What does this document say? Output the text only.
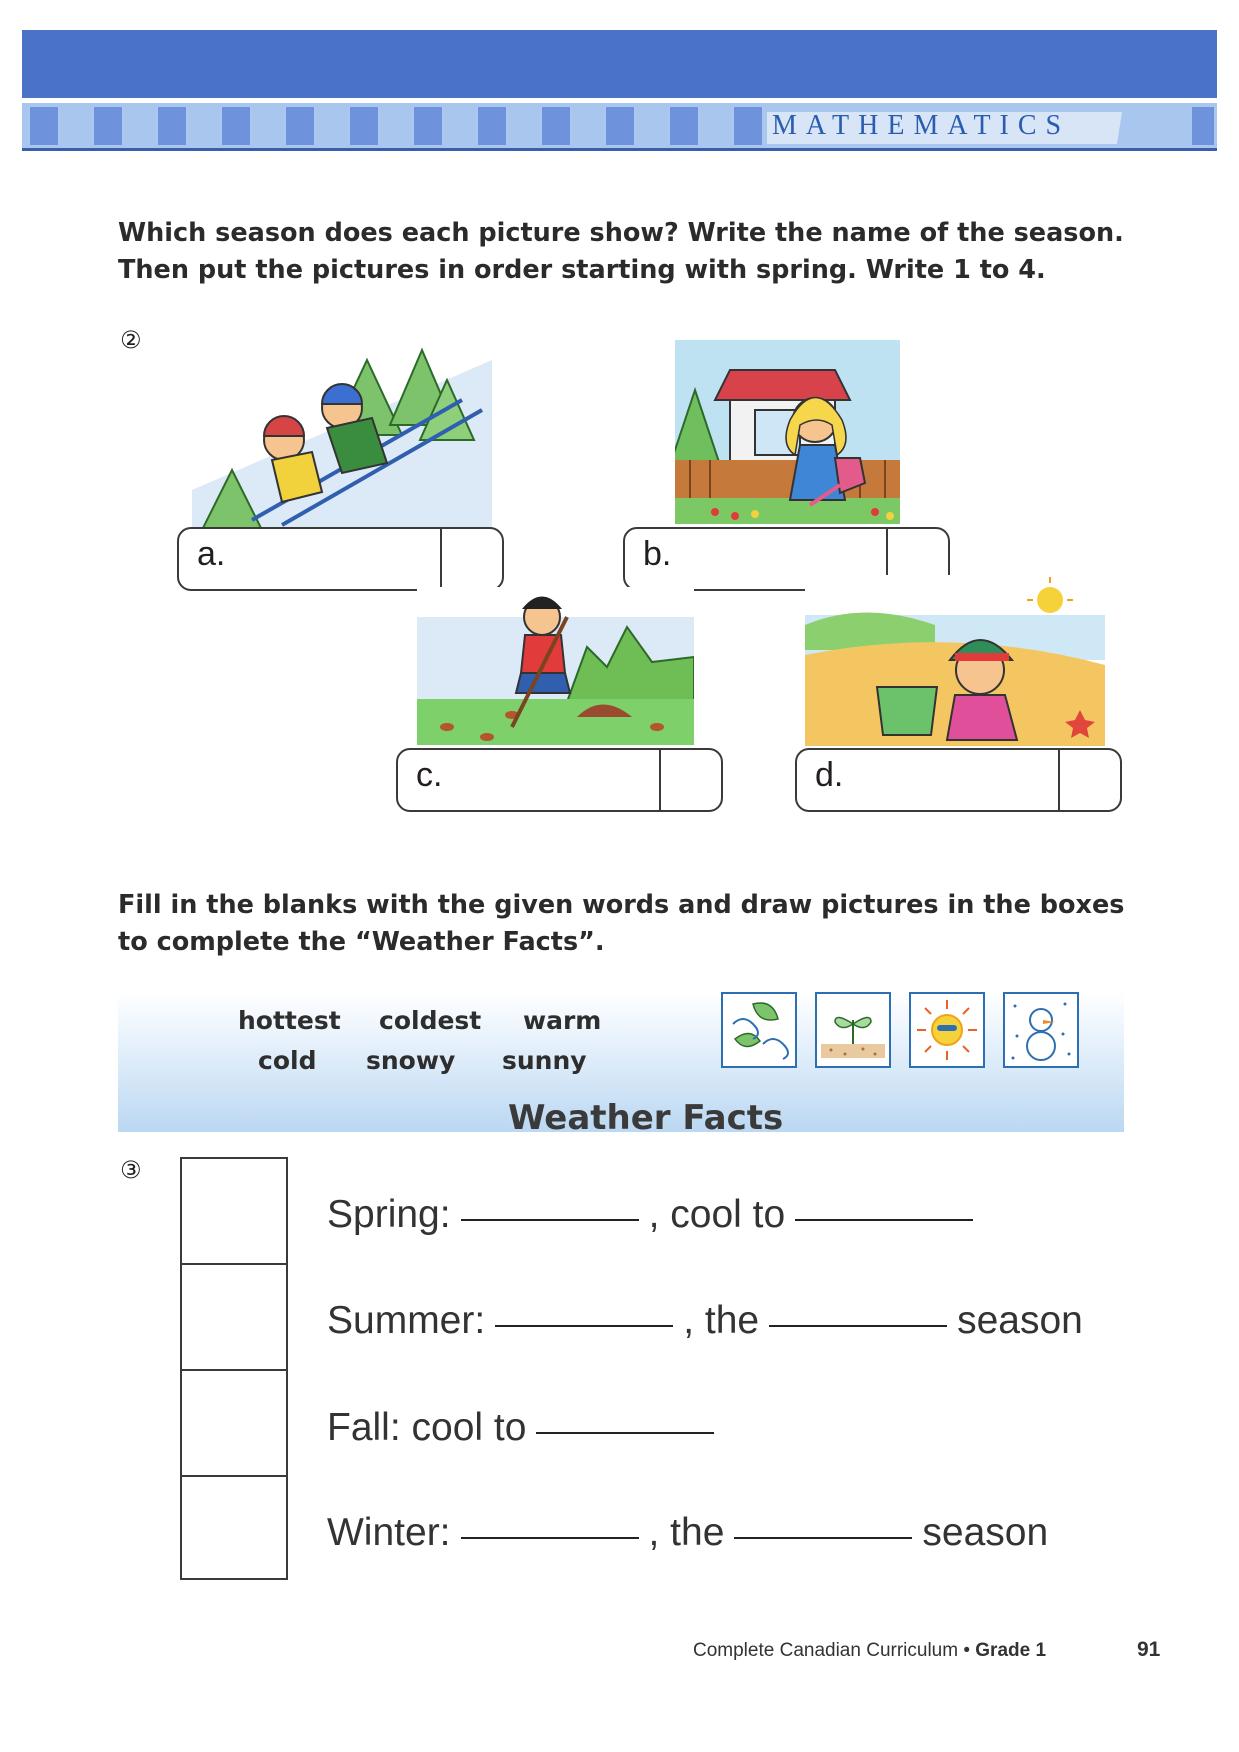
MATHEMATICS
Which season does each picture show? Write the name of the season.
Then put the pictures in order starting with spring. Write 1 to 4.
②
a.	b.
c.	d.
Fill in the blanks with the given words and draw pictures in the boxes
to complete the “Weather Facts”.
hottest coldest warm
cold snowy sunny
Weather Facts
③
Spring:	, cool to
Summer:	, the	season
Fall: cool to
Winter:	, the	season
Complete Canadian Curriculum • Grade 1	91
